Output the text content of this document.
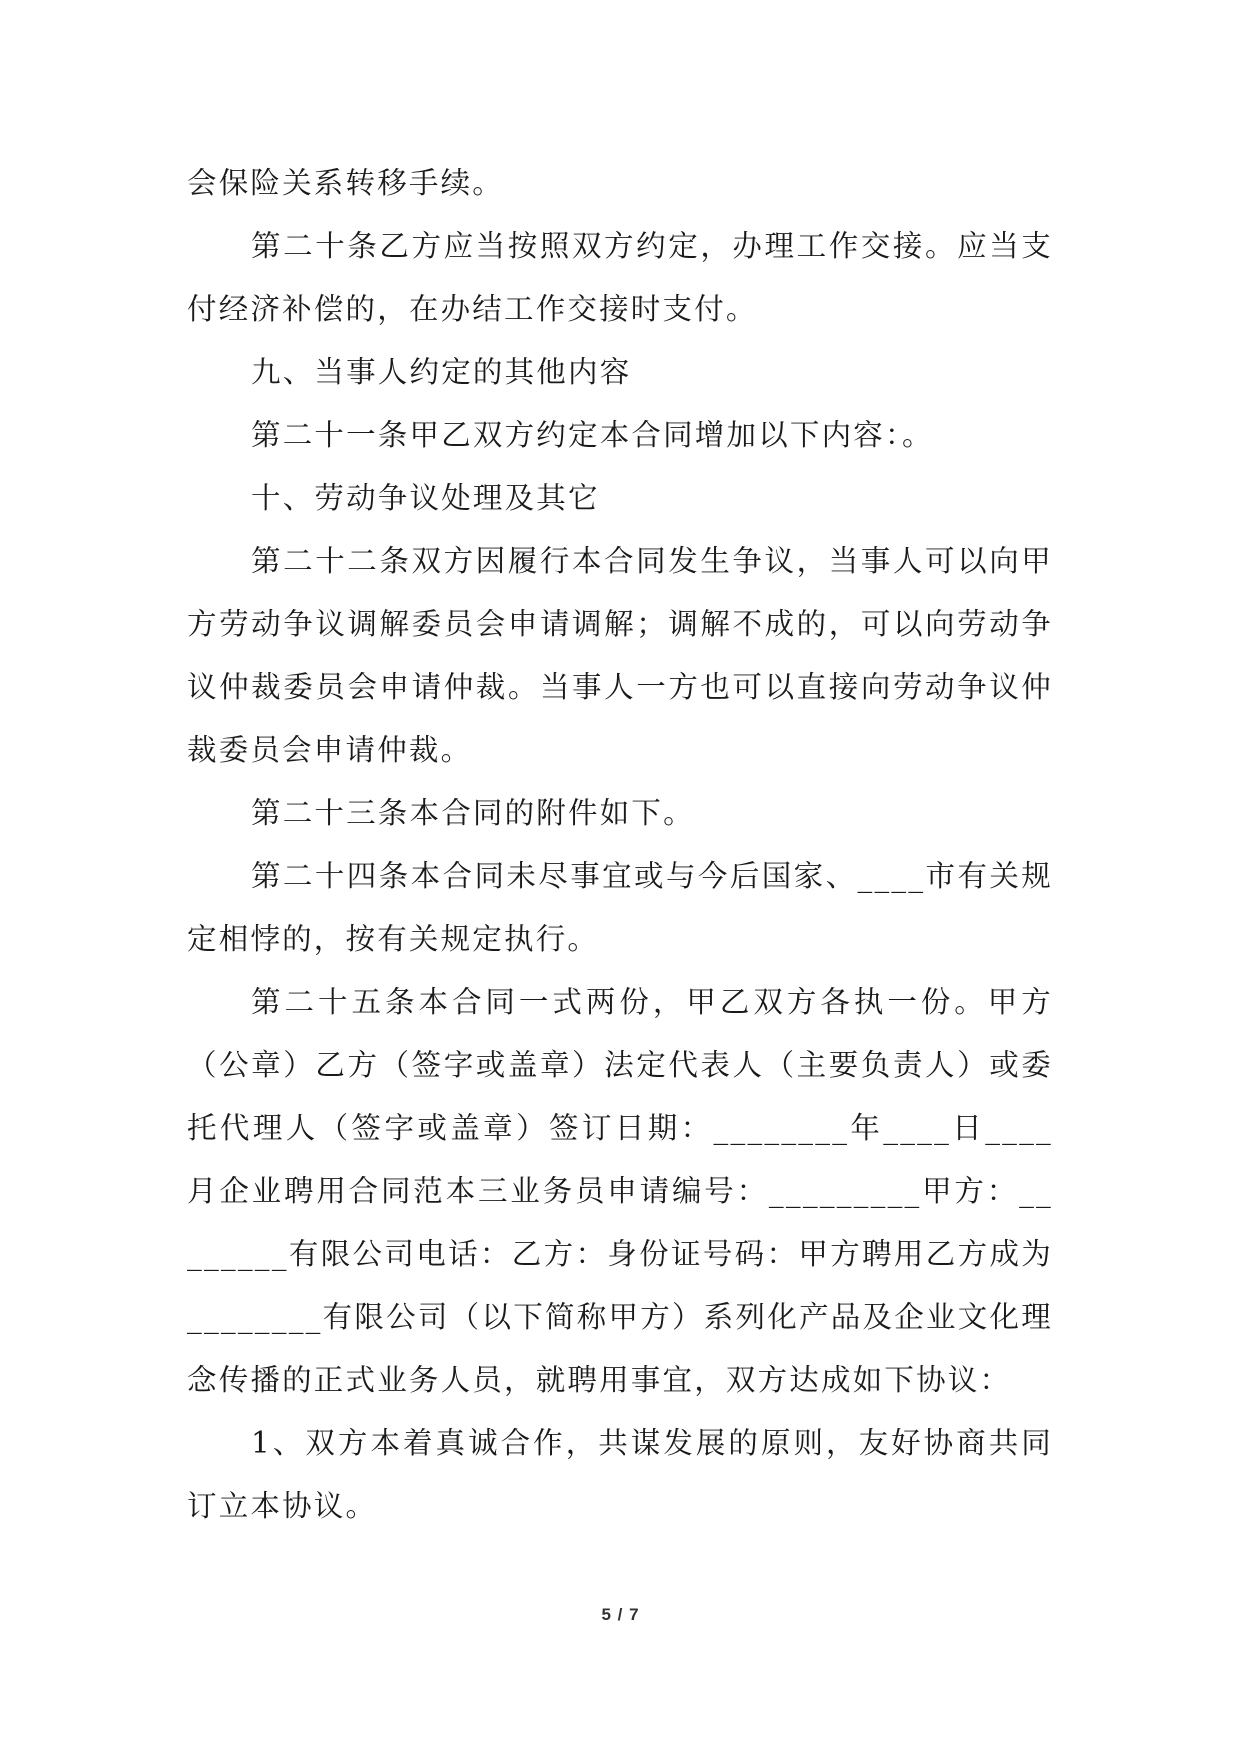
会保险关系转移手续。

第二十条乙方应当按照双方约定，办理工作交接。应当支付经济补偿的，在办结工作交接时支付。

九、当事人约定的其他内容

第二十一条甲乙双方约定本合同增加以下内容：。

十、劳动争议处理及其它

第二十二条双方因履行本合同发生争议，当事人可以向甲方劳动争议调解委员会申请调解；调解不成的，可以向劳动争议仲裁委员会申请仲裁。当事人一方也可以直接向劳动争议仲裁委员会申请仲裁。

第二十三条本合同的附件如下。

第二十四条本合同未尽事宜或与今后国家、____市有关规定相悖的，按有关规定执行。

第二十五条本合同一式两份，甲乙双方各执一份。甲方（公章）乙方（签字或盖章）法定代表人（主要负责人）或委托代理人（签字或盖章）签订日期：________年____日____月企业聘用合同范本三业务员申请编号：_________甲方：________有限公司电话：乙方：身份证号码：甲方聘用乙方成为________有限公司（以下简称甲方）系列化产品及企业文化理念传播的正式业务人员，就聘用事宜，双方达成如下协议：

1、双方本着真诚合作，共谋发展的原则，友好协商共同订立本协议。

5 / 7
